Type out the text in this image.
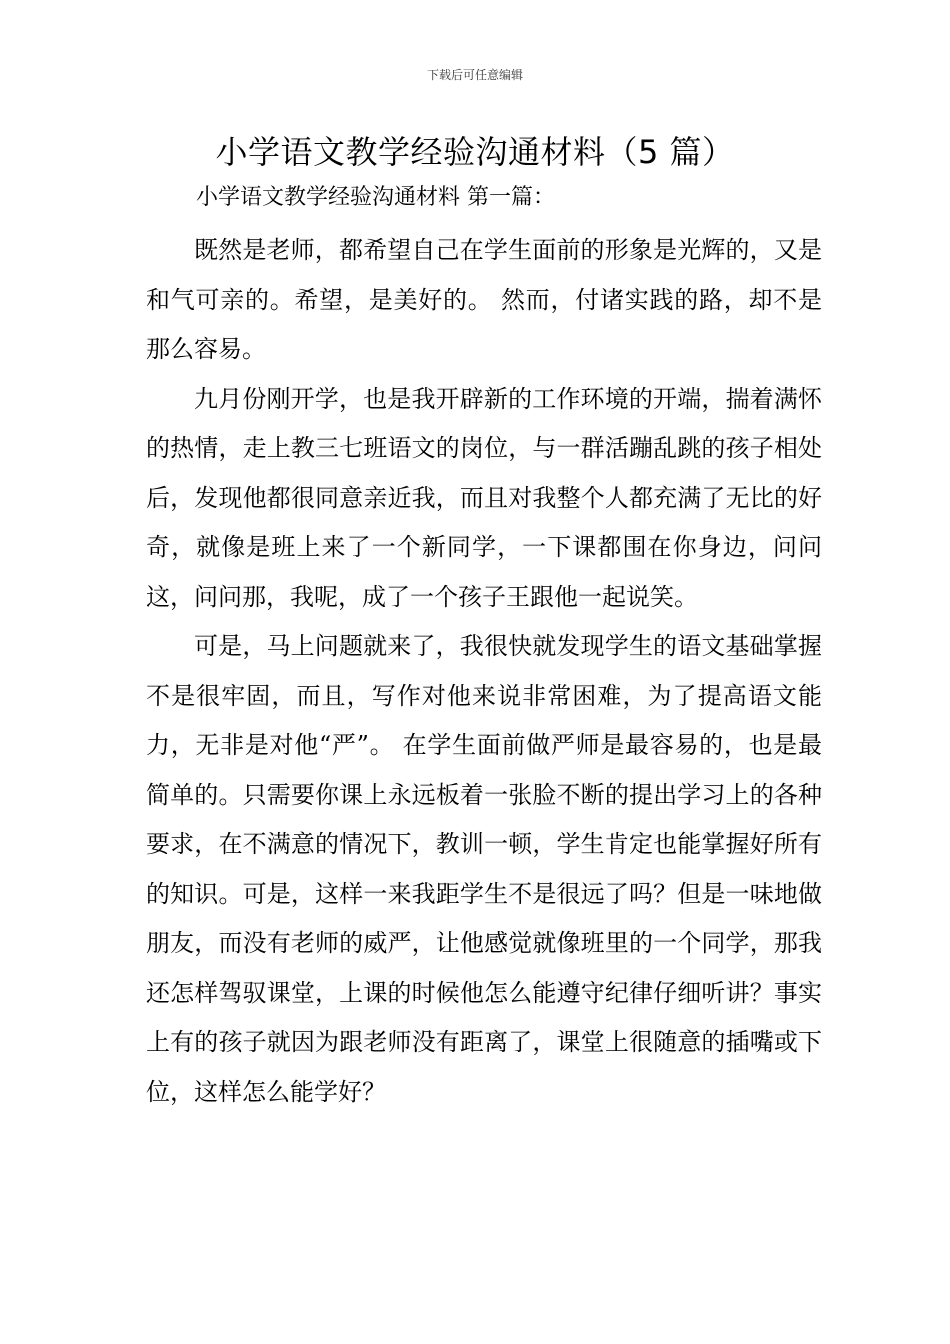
下载后可任意编辑
小学语文教学经验沟通材料（5 篇）
小学语文教学经验沟通材料 第一篇：

既然是老师，都希望自己在学生面前的形象是光辉的，又是和气可亲的。希望，是美好的。 然而，付诸实践的路，却不是那么容易。

九月份刚开学，也是我开辟新的工作环境的开端，揣着满怀的热情，走上教三七班语文的岗位，与一群活蹦乱跳的孩子相处后，发现他都很同意亲近我，而且对我整个人都充满了无比的好奇，就像是班上来了一个新同学，一下课都围在你身边，问问这，问问那，我呢，成了一个孩子王跟他一起说笑。

可是，马上问题就来了，我很快就发现学生的语文基础掌握不是很牢固，而且，写作对他来说非常困难，为了提高语文能力，无非是对他“严”。 在学生面前做严师是最容易的，也是最简单的。只需要你课上永远板着一张脸不断的提出学习上的各种要求，在不满意的情况下，教训一顿，学生肯定也能掌握好所有的知识。可是，这样一来我距学生不是很远了吗？但是一味地做朋友，而没有老师的威严，让他感觉就像班里的一个同学，那我还怎样驾驭课堂，上课的时候他怎么能遵守纪律仔细听讲？事实上有的孩子就因为跟老师没有距离了，课堂上很随意的插嘴或下位，这样怎么能学好？
